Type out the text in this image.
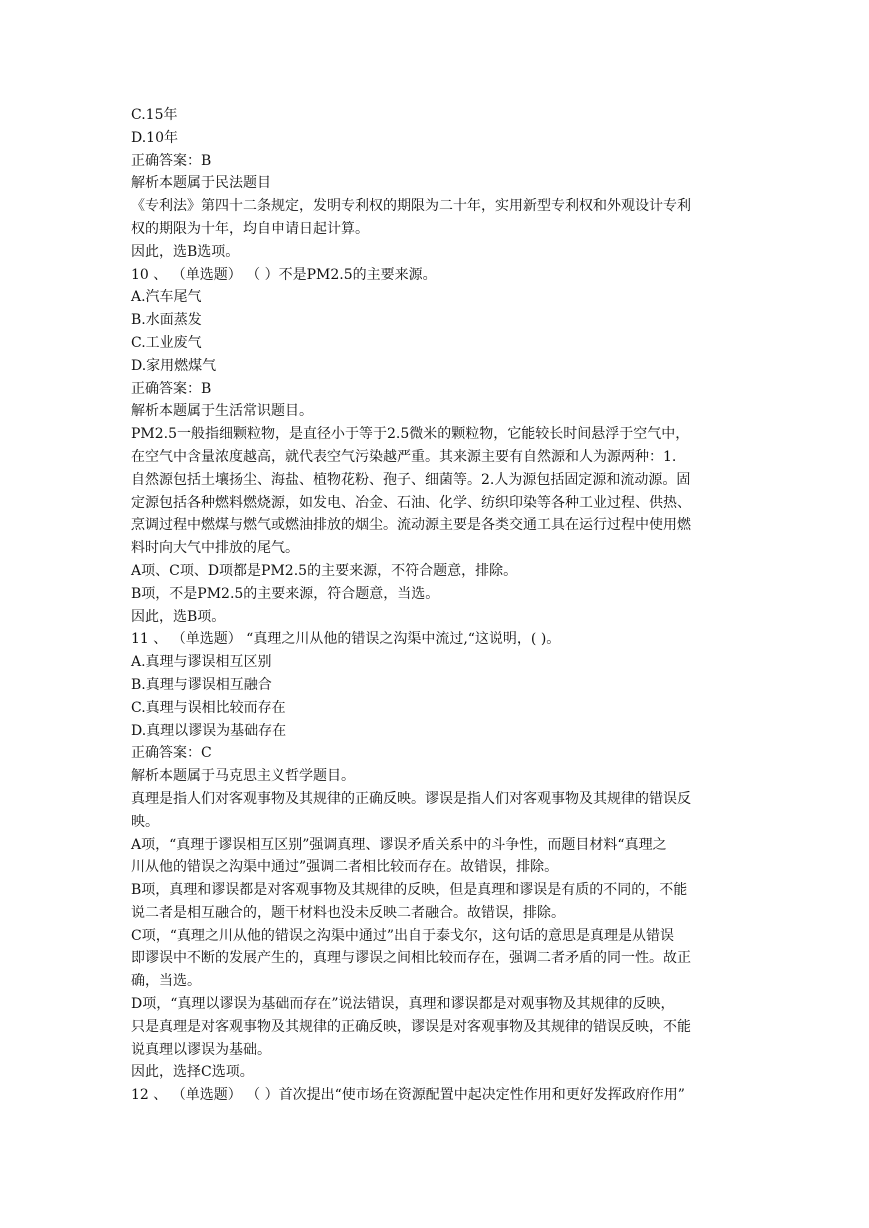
C.15年
D.10年
正确答案：B
解析本题属于民法题目
《专利法》第四十二条规定，发明专利权的期限为二十年，实用新型专利权和外观设计专利
权的期限为十年，均自申请日起计算。
因此，选B选项。
10 、 （单选题） （ ）不是PM2.5的主要来源。
A.汽车尾气
B.水面蒸发
C.工业废气
D.家用燃煤气
正确答案：B
解析本题属于生活常识题目。
PM2.5一般指细颗粒物，是直径小于等于2.5微米的颗粒物，它能较长时间悬浮于空气中，
在空气中含量浓度越高，就代表空气污染越严重。其来源主要有自然源和人为源两种：1.
自然源包括土壤扬尘、海盐、植物花粉、孢子、细菌等。2.人为源包括固定源和流动源。固
定源包括各种燃料燃烧源，如发电、冶金、石油、化学、纺织印染等各种工业过程、供热、
烹调过程中燃煤与燃气或燃油排放的烟尘。流动源主要是各类交通工具在运行过程中使用燃
料时向大气中排放的尾气。
A项、C项、D项都是PM2.5的主要来源，不符合题意，排除。
B项，不是PM2.5的主要来源，符合题意，当选。
因此，选B项。
11 、 （单选题） “真理之川从他的错误之沟渠中流过,“这说明，( )。
A.真理与谬误相互区别
B.真理与谬误相互融合
C.真理与误相比较而存在
D.真理以谬误为基础存在
正确答案：C
解析本题属于马克思主义哲学题目。
真理是指人们对客观事物及其规律的正确反映。谬误是指人们对客观事物及其规律的错误反
映。
A项，“真理于谬误相互区别”强调真理、谬误矛盾关系中的斗争性，而题目材料“真理之
川从他的错误之沟渠中通过”强调二者相比较而存在。故错误，排除。
B项，真理和谬误都是对客观事物及其规律的反映，但是真理和谬误是有质的不同的，不能
说二者是相互融合的，题干材料也没未反映二者融合。故错误，排除。
C项，“真理之川从他的错误之沟渠中通过”出自于泰戈尔，这句话的意思是真理是从错误
即谬误中不断的发展产生的，真理与谬误之间相比较而存在，强调二者矛盾的同一性。故正
确，当选。
D项，“真理以谬误为基础而存在”说法错误，真理和谬误都是对观事物及其规律的反映，
只是真理是对客观事物及其规律的正确反映，谬误是对客观事物及其规律的错误反映，不能
说真理以谬误为基础。
因此，选择C选项。
12 、 （单选题） （ ）首次提出“使市场在资源配置中起决定性作用和更好发挥政府作用”
